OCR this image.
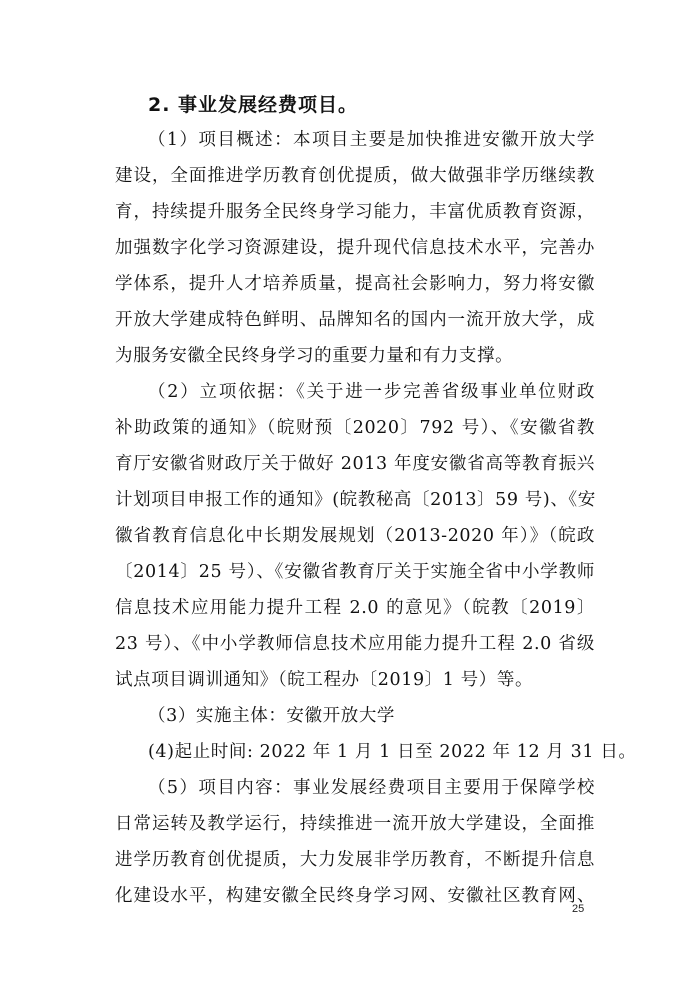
2. 事业发展经费项目。
（1）项目概述：本项目主要是加快推进安徽开放大学
建设，全面推进学历教育创优提质，做大做强非学历继续教
育，持续提升服务全民终身学习能力，丰富优质教育资源，
加强数字化学习资源建设，提升现代信息技术水平，完善办
学体系，提升人才培养质量，提高社会影响力，努力将安徽
开放大学建成特色鲜明、品牌知名的国内一流开放大学，成
为服务安徽全民终身学习的重要力量和有力支撑。
（2）立项依据：《关于进一步完善省级事业单位财政
补助政策的通知》（皖财预〔2020〕792 号）、《安徽省教
育厅安徽省财政厅关于做好 2013 年度安徽省高等教育振兴
计划项目申报工作的通知》(皖教秘高〔2013〕59 号)、《安
徽省教育信息化中长期发展规划（2013-2020 年）》（皖政
〔2014〕25 号）、《安徽省教育厅关于实施全省中小学教师
信息技术应用能力提升工程 2.0 的意见》（皖教〔2019〕
23 号）、《中小学教师信息技术应用能力提升工程 2.0 省级
试点项目调训通知》（皖工程办〔2019〕1 号）等。
（3）实施主体：安徽开放大学
(4)起止时间: 2022 年 1 月 1 日至 2022 年 12 月 31 日。
（5）项目内容：事业发展经费项目主要用于保障学校
日常运转及教学运行，持续推进一流开放大学建设，全面推
进学历教育创优提质，大力发展非学历教育，不断提升信息
化建设水平，构建安徽全民终身学习网、安徽社区教育网、
25
